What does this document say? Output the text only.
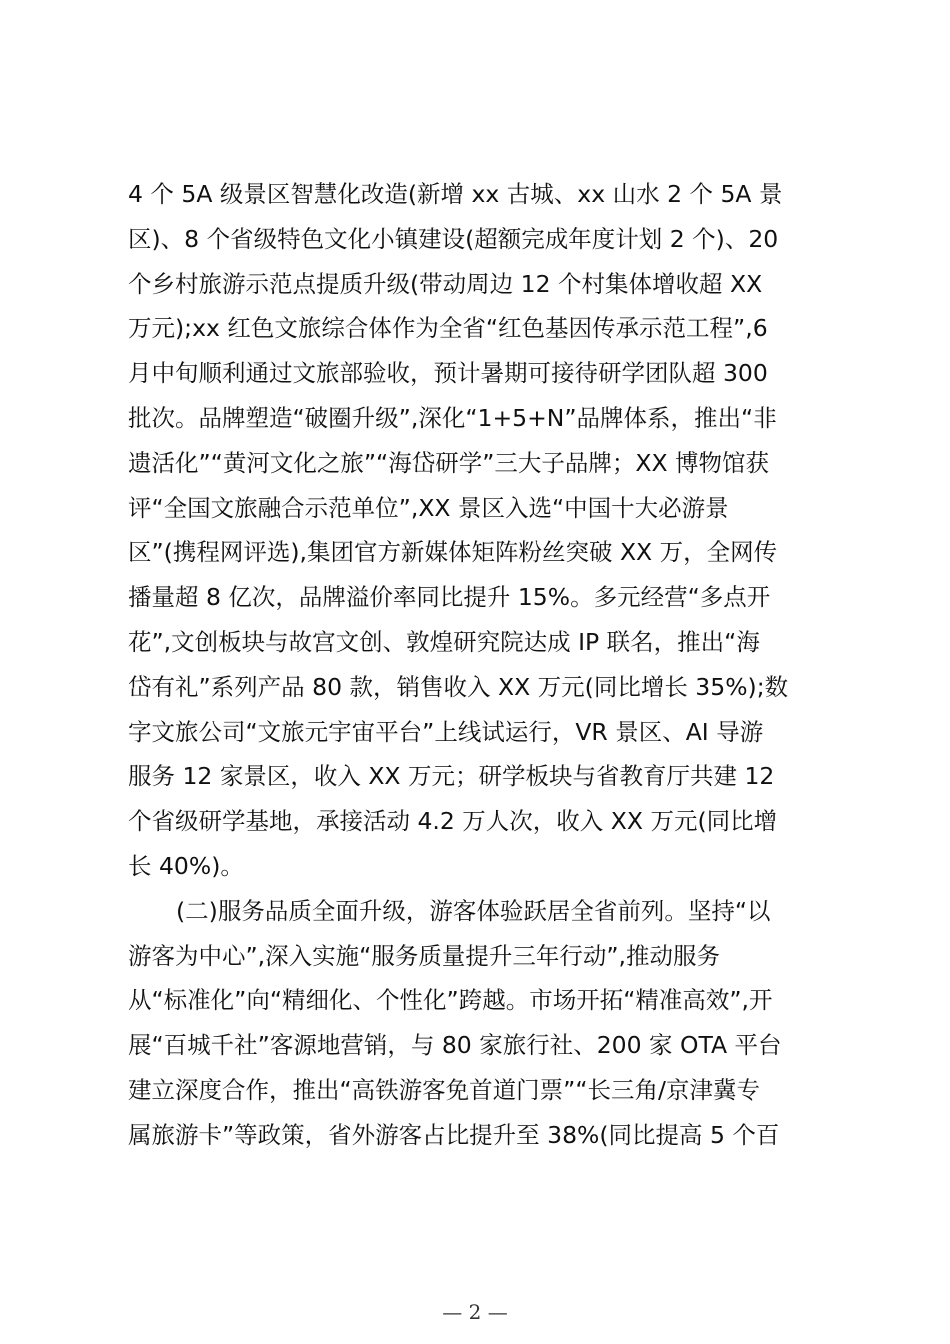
4 个 5A 级景区智慧化改造(新增 xx 古城、xx 山水 2 个 5A 景
区)、8 个省级特色文化小镇建设(超额完成年度计划 2 个)、20
个乡村旅游示范点提质升级(带动周边 12 个村集体增收超 XX
万元);xx 红色文旅综合体作为全省“红色基因传承示范工程”,6
月中旬顺利通过文旅部验收，预计暑期可接待研学团队超 300
批次。品牌塑造“破圈升级”,深化“1+5+N”品牌体系，推出“非
遗活化”“黄河文化之旅”“海岱研学”三大子品牌；XX 博物馆获
评“全国文旅融合示范单位”,XX 景区入选“中国十大必游景
区”(携程网评选),集团官方新媒体矩阵粉丝突破 XX 万，全网传
播量超 8 亿次，品牌溢价率同比提升 15%。多元经营“多点开
花”,文创板块与故宫文创、敦煌研究院达成 IP 联名，推出“海
岱有礼”系列产品 80 款，销售收入 XX 万元(同比增长 35%);数
字文旅公司“文旅元宇宙平台”上线试运行，VR 景区、AI 导游
服务 12 家景区，收入 XX 万元；研学板块与省教育厅共建 12
个省级研学基地，承接活动 4.2 万人次，收入 XX 万元(同比增
长 40%)。
(二)服务品质全面升级，游客体验跃居全省前列。坚持“以
游客为中心”,深入实施“服务质量提升三年行动”,推动服务
从“标准化”向“精细化、个性化”跨越。市场开拓“精准高效”,开
展“百城千社”客源地营销，与 80 家旅行社、200 家 OTA 平台
建立深度合作，推出“高铁游客免首道门票”“长三角/京津冀专
属旅游卡”等政策，省外游客占比提升至 38%(同比提高 5 个百
— 2 —
